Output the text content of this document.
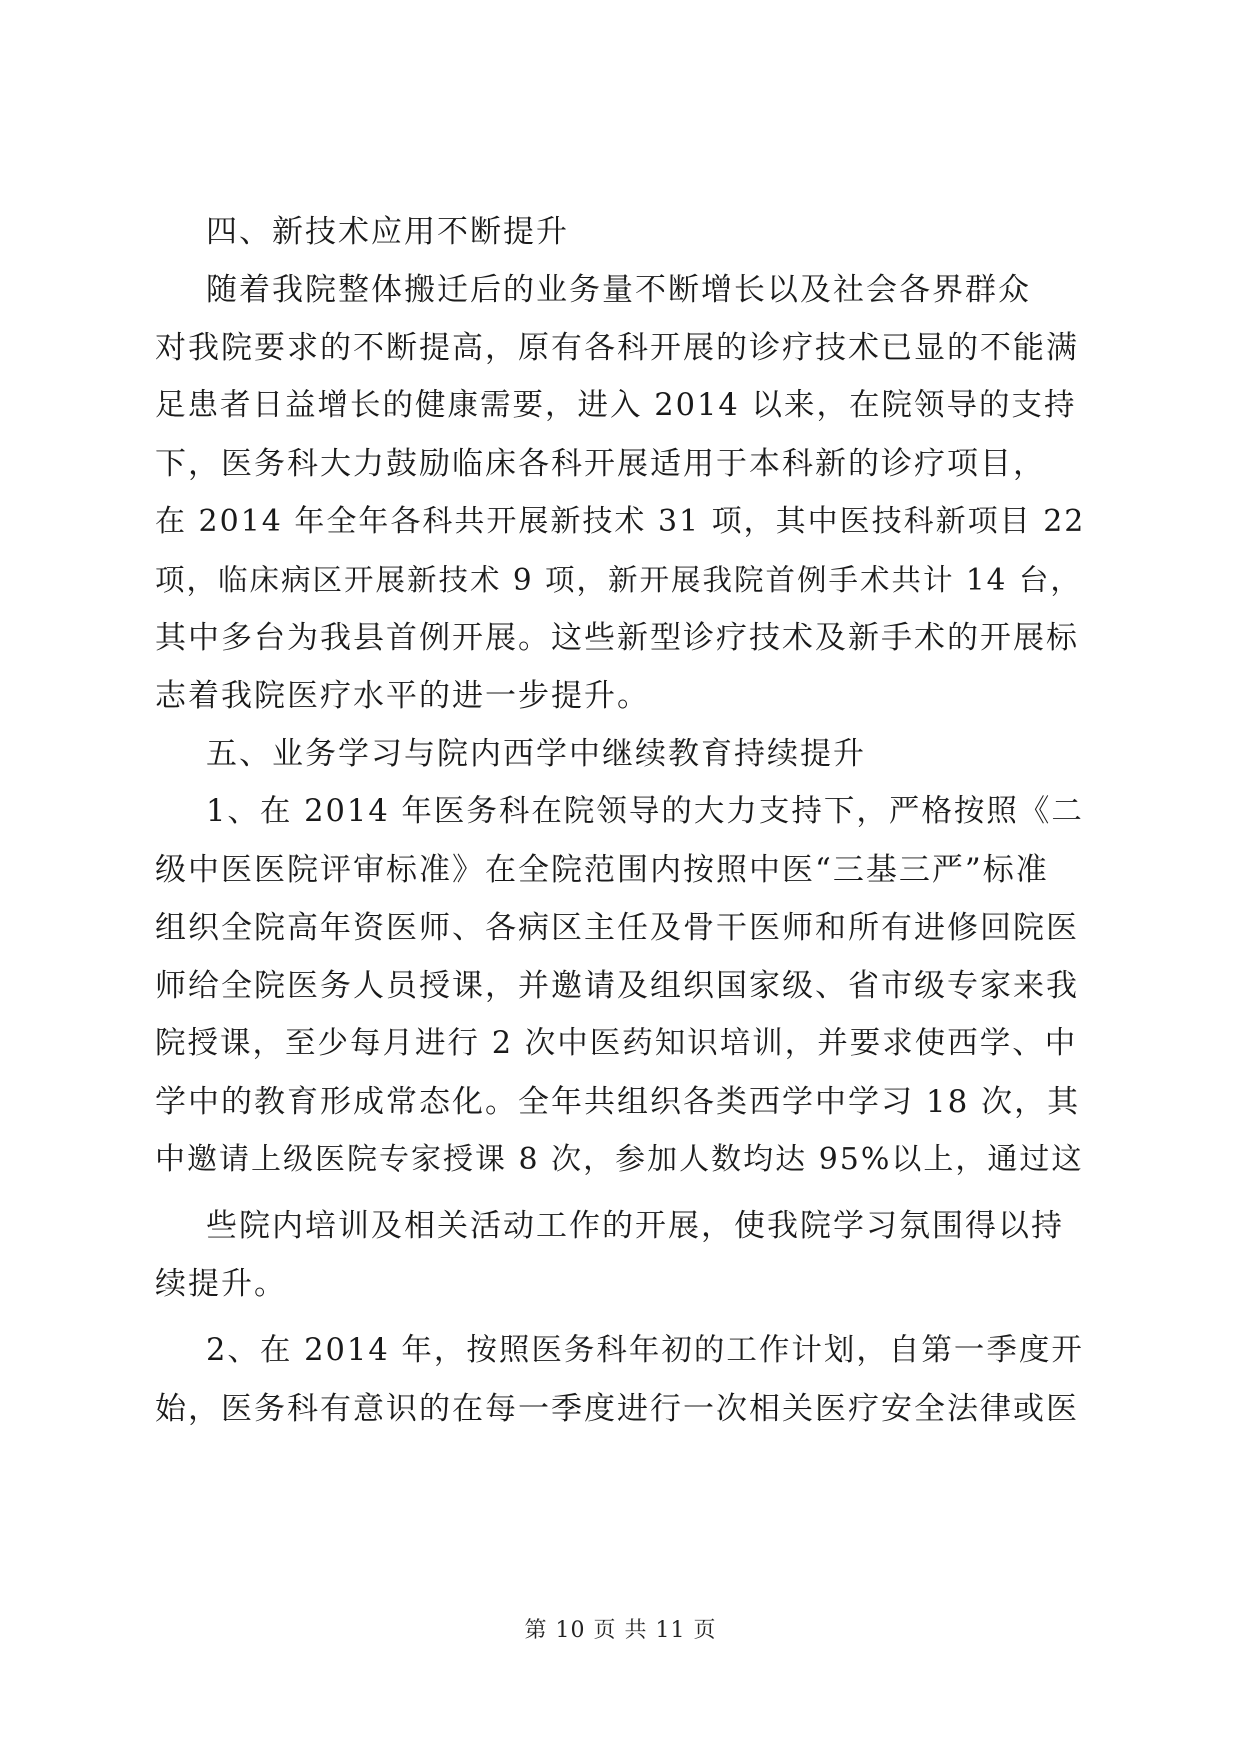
四、新技术应用不断提升
随着我院整体搬迁后的业务量不断增长以及社会各界群众
对我院要求的不断提高，原有各科开展的诊疗技术已显的不能满
足患者日益增长的健康需要，进入 2014 以来，在院领导的支持
下，医务科大力鼓励临床各科开展适用于本科新的诊疗项目，
在 2014 年全年各科共开展新技术 31 项，其中医技科新项目 22
项，临床病区开展新技术 9 项，新开展我院首例手术共计 14 台，
其中多台为我县首例开展。这些新型诊疗技术及新手术的开展标
志着我院医疗水平的进一步提升。
五、业务学习与院内西学中继续教育持续提升
1、在 2014 年医务科在院领导的大力支持下，严格按照《二
级中医医院评审标准》在全院范围内按照中医“三基三严”标准
组织全院高年资医师、各病区主任及骨干医师和所有进修回院医
师给全院医务人员授课，并邀请及组织国家级、省市级专家来我
院授课，至少每月进行 2 次中医药知识培训，并要求使西学、中
学中的教育形成常态化。全年共组织各类西学中学习 18 次，其
中邀请上级医院专家授课 8 次，参加人数均达 95%以上，通过这
些院内培训及相关活动工作的开展，使我院学习氛围得以持
续提升。
2、在 2014 年，按照医务科年初的工作计划，自第一季度开
始，医务科有意识的在每一季度进行一次相关医疗安全法律或医
第 10 页 共 11 页
